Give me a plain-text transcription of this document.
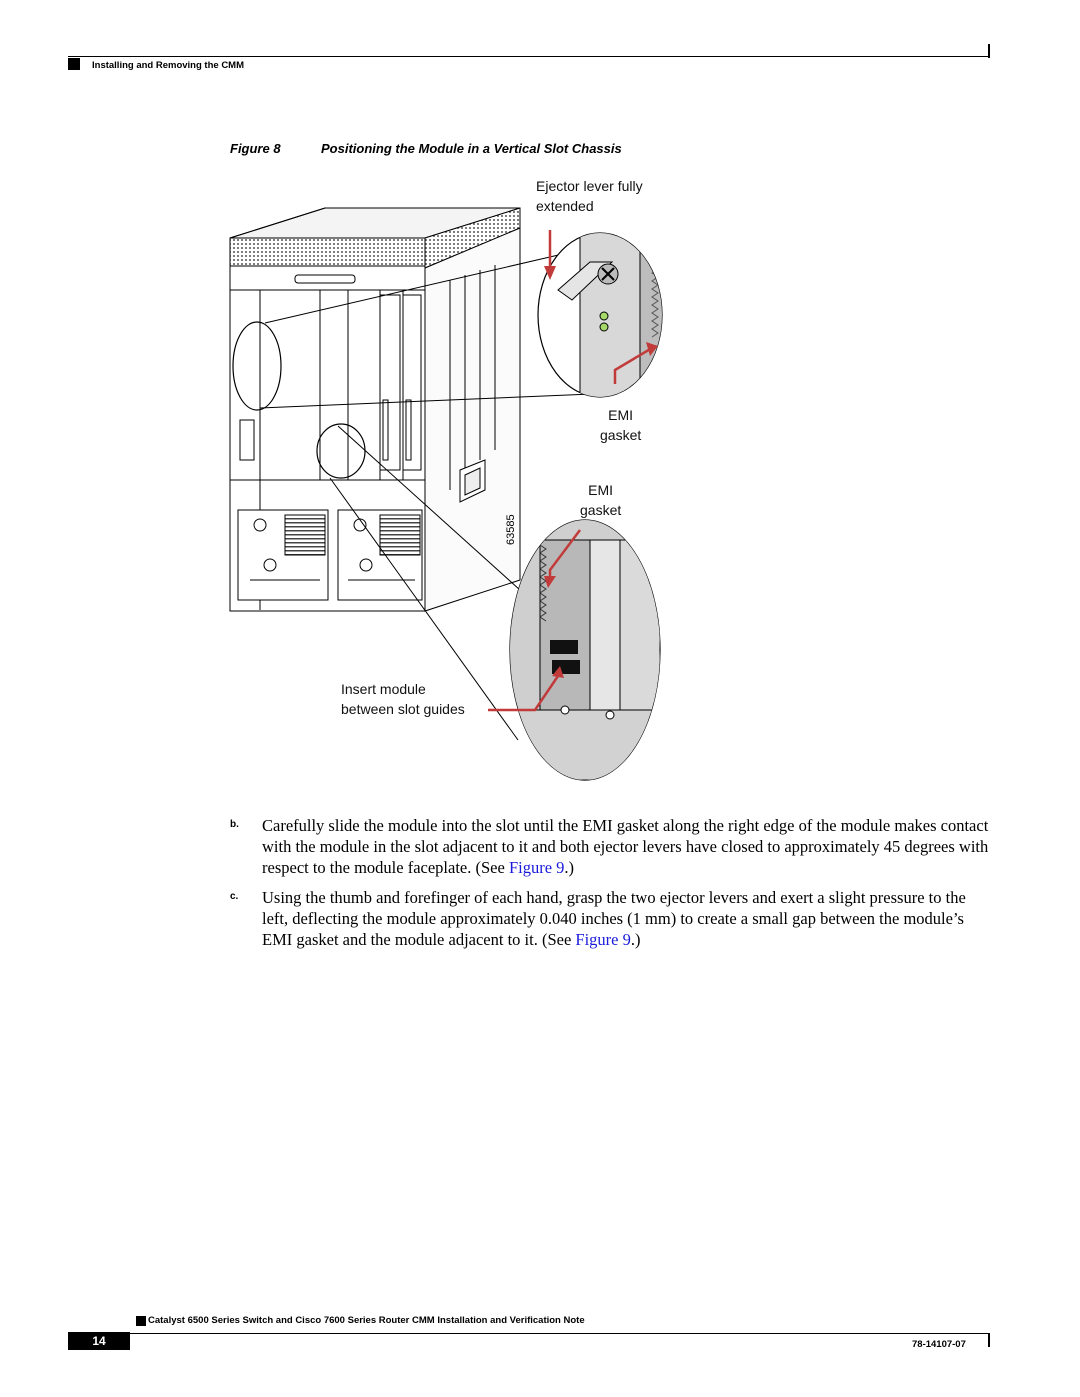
Installing and Removing the CMM
Figure 8	Positioning the Module in a Vertical Slot Chassis
Ejector lever fully
extended
EMI
gasket
EMI
gasket
Insert module
between slot guides
63585
b. Carefully slide the module into the slot until the EMI gasket along the right edge of the module makes contact with the module in the slot adjacent to it and both ejector levers have closed to approximately 45 degrees with respect to the module faceplate. (See Figure 9.)
c. Using the thumb and forefinger of each hand, grasp the two ejector levers and exert a slight pressure to the left, deflecting the module approximately 0.040 inches (1 mm) to create a small gap between the module’s EMI gasket and the module adjacent to it. (See Figure 9.)
Catalyst 6500 Series Switch and Cisco 7600 Series Router CMM Installation and Verification Note
14	78-14107-07
